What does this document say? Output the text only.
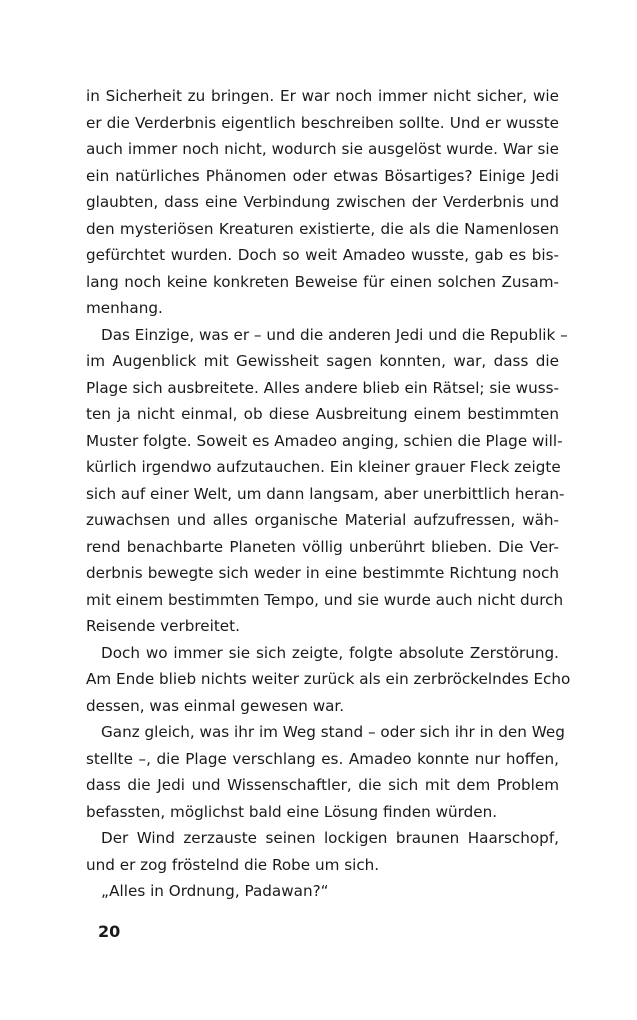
in Sicherheit zu bringen. Er war noch immer nicht sicher, wie
er die Verderbnis eigentlich beschreiben sollte. Und er wusste
auch immer noch nicht, wodurch sie ausgelöst wurde. War sie
ein natürliches Phänomen oder etwas Bösartiges? Einige Jedi
glaubten, dass eine Verbindung zwischen der Verderbnis und
den mysteriösen Kreaturen existierte, die als die Namenlosen
gefürchtet wurden. Doch so weit Amadeo wusste, gab es bis-
lang noch keine konkreten Beweise für einen solchen Zusam-
menhang.
Das Einzige, was er – und die anderen Jedi und die Republik –
im Augenblick mit Gewissheit sagen konnten, war, dass die
Plage sich ausbreitete. Alles andere blieb ein Rätsel; sie wuss-
ten ja nicht einmal, ob diese Ausbreitung einem bestimmten
Muster folgte. Soweit es Amadeo anging, schien die Plage will-
kürlich irgendwo aufzutauchen. Ein kleiner grauer Fleck zeigte
sich auf einer Welt, um dann langsam, aber unerbittlich heran-
zuwachsen und alles organische Material aufzufressen, wäh-
rend benachbarte Planeten völlig unberührt blieben. Die Ver-
derbnis bewegte sich weder in eine bestimmte Richtung noch
mit einem bestimmten Tempo, und sie wurde auch nicht durch
Reisende verbreitet.
Doch wo immer sie sich zeigte, folgte absolute Zerstörung.
Am Ende blieb nichts weiter zurück als ein zerbröckelndes Echo
dessen, was einmal gewesen war.
Ganz gleich, was ihr im Weg stand – oder sich ihr in den Weg
stellte –, die Plage verschlang es. Amadeo konnte nur hoffen,
dass die Jedi und Wissenschaftler, die sich mit dem Problem
befassten, möglichst bald eine Lösung finden würden.
Der Wind zerzauste seinen lockigen braunen Haarschopf,
und er zog fröstelnd die Robe um sich.
„Alles in Ordnung, Padawan?“
20
